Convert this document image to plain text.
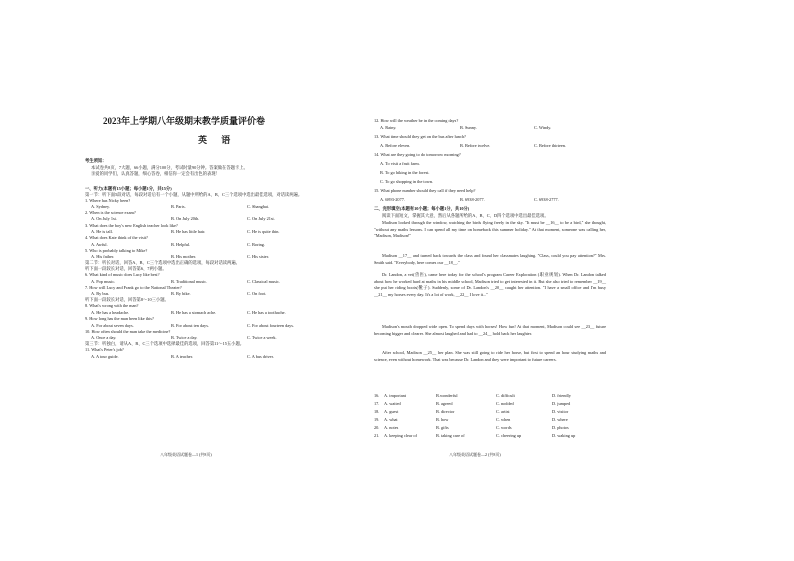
2023年上学期八年级期末教学质量评价卷
英 语
考生须知：
本试卷共8页，7大题，66小题，满分100分，考试时量90分钟。答案做在答题卡上。
亲爱的同学们，认真答题，细心答卷，相信你一定会有出色的表现！
一、听力(本题有15小题；每小题1分，共15分)
第一节：听下面5段对话，每段对话后有一个小题，从题中所给的A、B、C三个选项中选出最佳选项，对话读两遍。
1. Where has Nicky been?
A. Sydney.	B. Paris.	C. Shanghai.
2. When is the science exam?
A. On July 1st.	B. On July 20th.	C. On July 21st.
3. What does the boy's new English teacher look like?
A. He is tall.	B. He has little hair.	C. He is quite thin.
4. What does Kate think of the visit?
A. Awful.	B. Helpful.	C. Boring.
5. Who is probably talking to Mike?
A. His father.	B. His mother.	C. His sister.
第二节：听长对话，回答A、B、C三个选项中选出正确的选项，每段对话读两遍。
听下面一段较长对话，回答第6、7两小题。
6. What kind of music does Lucy like best?
A. Pop music.	B. Traditional music.	C. Classical music.
7. How will Lucy and Frank go to the National Theater?
A. By bus.	B. By bike.	C. On foot.
听下面一段较长对话，回答第8～10三小题。
8. What's wrong with the man?
A. He has a headache.	B. He has a stomach ache.	C. He has a toothache.
9. How long has the man been like this?
A. For about seven days.	B. For about ten days.	C. For about fourteen days.
10. How often should the man take the medicine?
A. Once a day.	B. Twice a day.	C. Twice a week.
第三节：听独白，请从A、B、C三个选项中选择最佳的选项，回答第11～15五小题。
11. What's Peter's job?
A. A tour guide.	B. A teacher.	C. A bus driver.
八年级英语试题卷—1 (共8页)
12. How will the weather be in the coming days?
A. Rainy.	B. Sunny.	C. Windy.
13. What time should they get on the bus after lunch?
A. Before eleven.	B. Before twelve.	C. Before thirteen.
14. What are they going to do tomorrow morning?
A. To visit a fruit farm.
B. To go hiking in the forest.
C. To go shopping in the town.
15. What phone number should they call if they need help?
A. 6893-2077.	B. 6938-2077.	C. 6938-2777.
二、完形填空(本题有10小题；每小题1分，共10分)
阅读下面短文，掌握其大意，然后从各题所给的A、B、C、D四个选项中选出最佳选项。
Madison looked through the window, watching the birds flying freely in the sky. "It must be __16__ to be a bird," she thought, "without any maths lessons. I can spend all my time on homeback this summer holiday." At that moment, someone was calling her, "Madison, Madison!"
Madison __17__ and turned back towards the class and found her classmates laughing. "Class, could you pay attention?" Mrs. Smith said. "Everybody, here comes our __18__."
Dr. Landon, a vet(兽医), came here today for the school's program Career Exploration (职业规划). When Dr. Landon talked about how he worked hard at maths in his middle school, Madison tried to get interested in it. But she also tried to remember __19__ she put her riding boots(靴子). Suddenly, some of Dr. Landon's __20__ caught her attention. "I have a small office and I'm busy __21__ my horses every day. It's a lot of work, __22__ I love it..."
Madison's mouth dropped wide open. To spend days with horses! How fun! At that moment, Madison could see __23__ future becoming bigger and clearer. She almost laughed and had to __24__ hold back her laughter.
After school, Madison __25__ her plan. She was still going to ride her horse, but first to spend an hour studying maths and science, even without homework. That was because Dr. Landon and they were important to future careers.
16. A. important	B.wonderful	C. difficult	D. friendly
17. A. waited	B. agreed	C. nodded	D. jumped
18. A. guest	B. director	C. artist	D. visitor
19. A. what	B. how	C. when	D. where
20. A. notes	B. gifts	C. words	D. photos
21. A. keeping clear of	B. taking care of	C. cheering up	D. waking up
八年级英语试题卷—2 (共8页)
